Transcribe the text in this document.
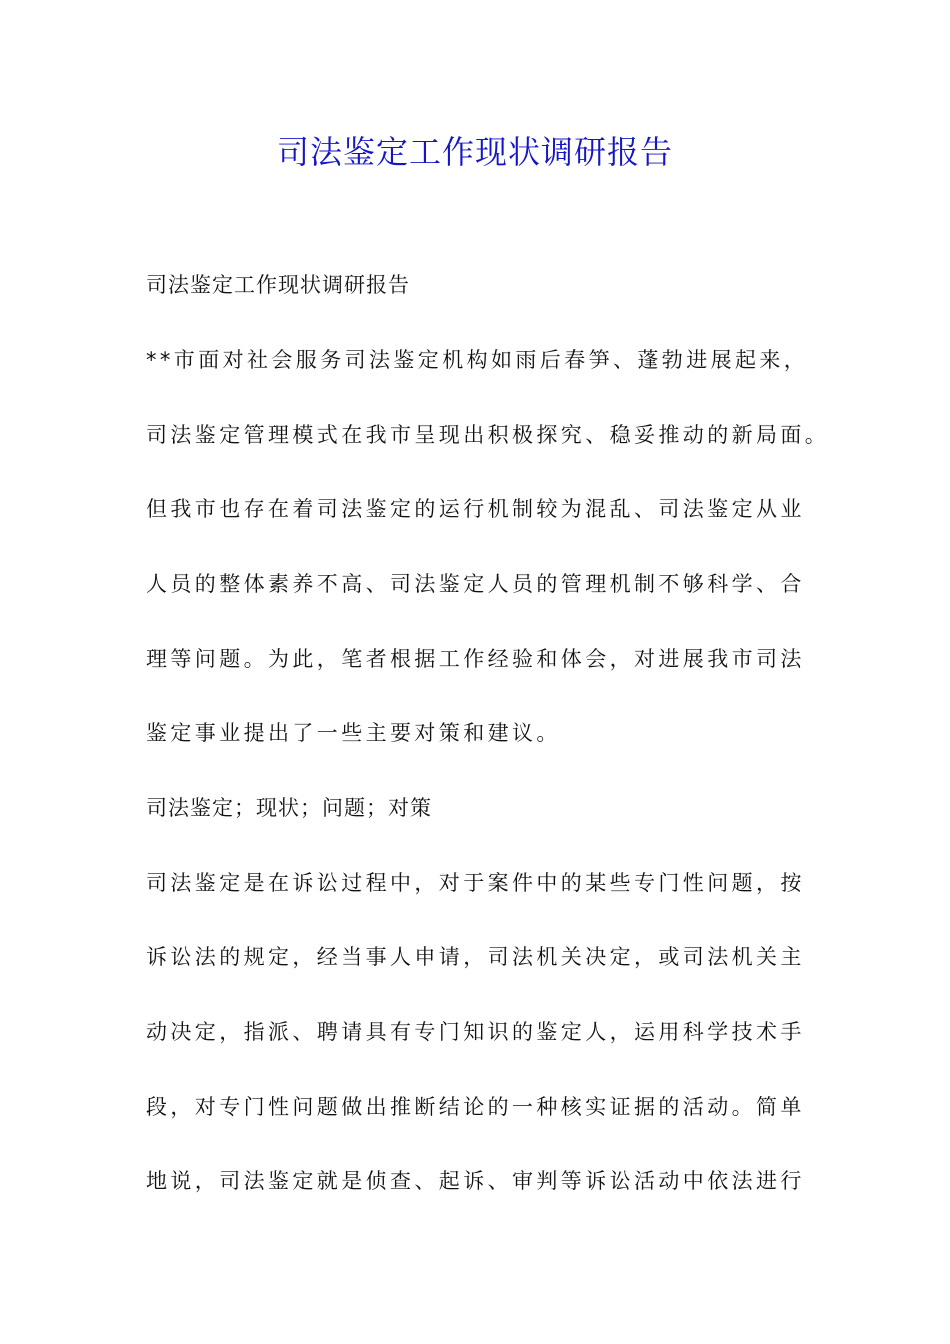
司法鉴定工作现状调研报告
司法鉴定工作现状调研报告
**市面对社会服务司法鉴定机构如雨后春笋、蓬勃进展起来，
司法鉴定管理模式在我市呈现出积极探究、稳妥推动的新局面。
但我市也存在着司法鉴定的运行机制较为混乱、司法鉴定从业
人员的整体素养不高、司法鉴定人员的管理机制不够科学、合
理等问题。为此，笔者根据工作经验和体会，对进展我市司法
鉴定事业提出了一些主要对策和建议。
司法鉴定；现状；问题；对策
司法鉴定是在诉讼过程中，对于案件中的某些专门性问题，按
诉讼法的规定，经当事人申请，司法机关决定，或司法机关主
动决定，指派、聘请具有专门知识的鉴定人，运用科学技术手
段，对专门性问题做出推断结论的一种核实证据的活动。简单
地说，司法鉴定就是侦查、起诉、审判等诉讼活动中依法进行
